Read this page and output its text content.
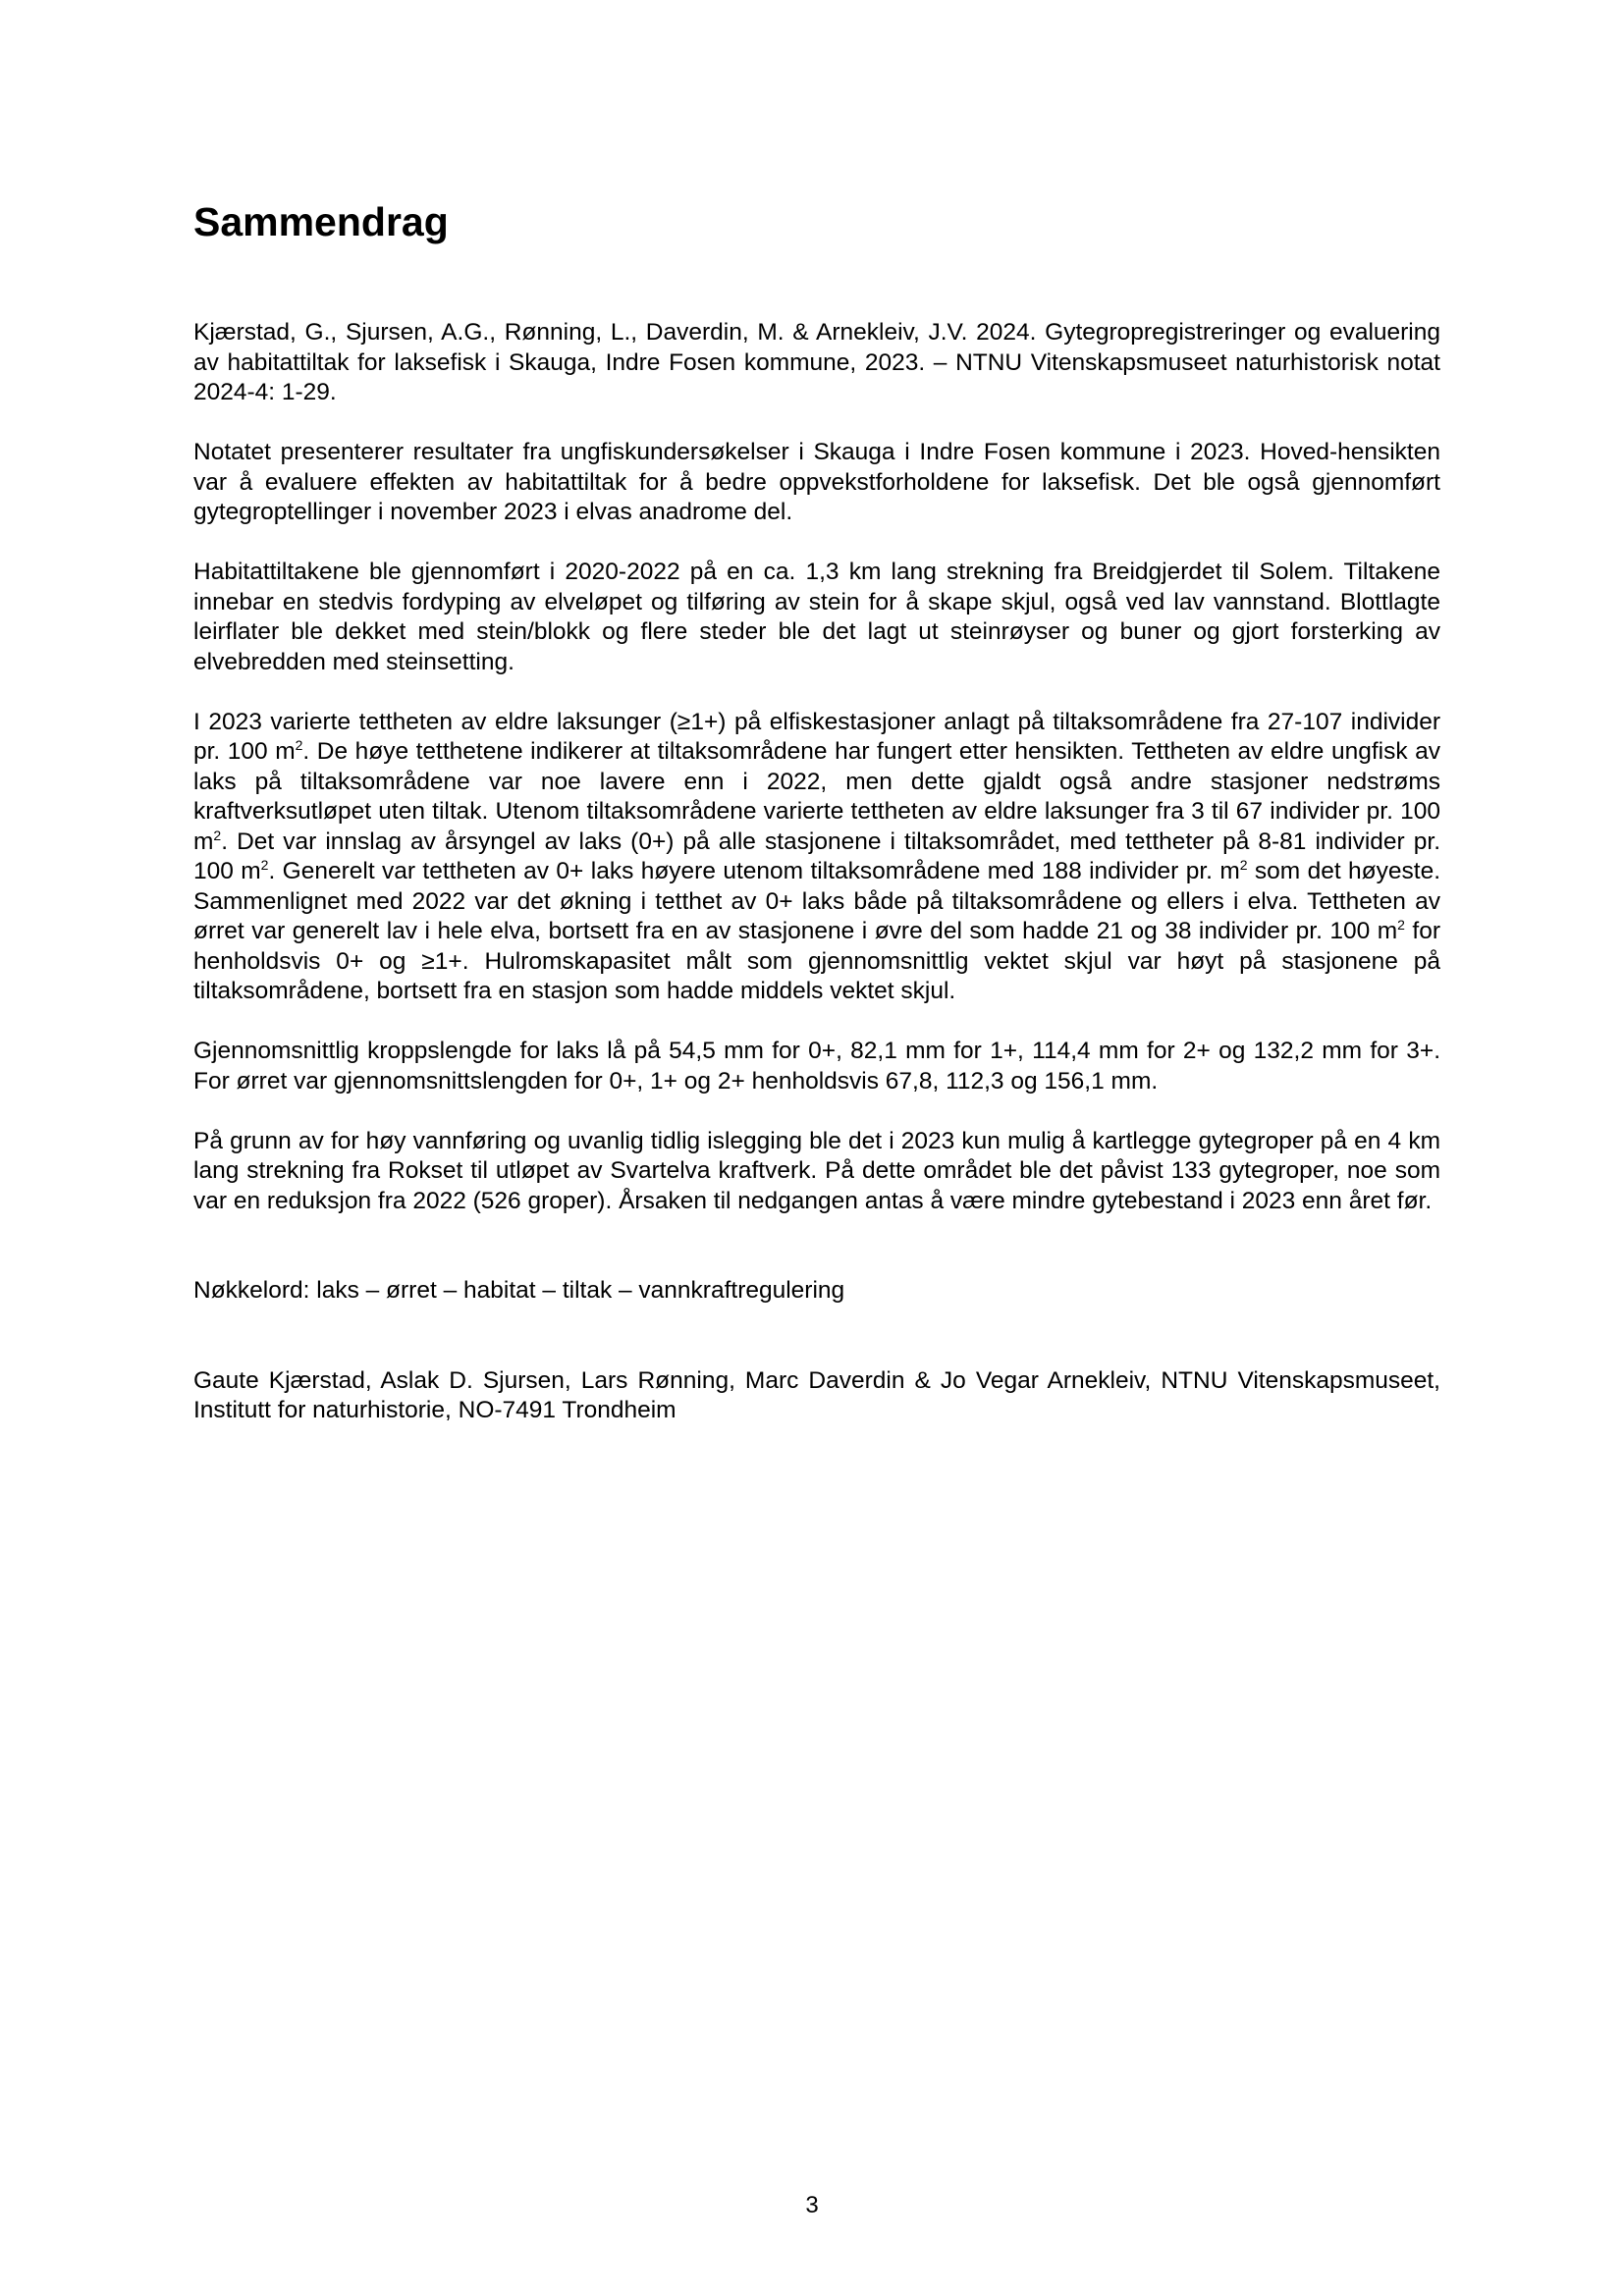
Sammendrag

Kjærstad, G., Sjursen, A.G., Rønning, L., Daverdin, M. & Arnekleiv, J.V. 2024. Gytegropregistreringer og evaluering av habitattiltak for laksefisk i Skauga, Indre Fosen kommune, 2023. – NTNU Vitenskapsmuseet naturhistorisk notat 2024-4: 1-29.

Notatet presenterer resultater fra ungfiskundersøkelser i Skauga i Indre Fosen kommune i 2023. Hoved-hensikten var å evaluere effekten av habitattiltak for å bedre oppvekstforholdene for laksefisk. Det ble også gjennomført gytegroptellinger i november 2023 i elvas anadrome del.

Habitattiltakene ble gjennomført i 2020-2022 på en ca. 1,3 km lang strekning fra Breidgjerdet til Solem. Tiltakene innebar en stedvis fordyping av elveløpet og tilføring av stein for å skape skjul, også ved lav vannstand. Blottlagte leirflater ble dekket med stein/blokk og flere steder ble det lagt ut steinrøyser og buner og gjort forsterking av elvebredden med steinsetting.

I 2023 varierte tettheten av eldre laksunger (≥1+) på elfiskestasjoner anlagt på tiltaksområdene fra 27-107 individer pr. 100 $m^2$. De høye tetthetene indikerer at tiltaksområdene har fungert etter hensikten. Tettheten av eldre ungfisk av laks på tiltaksområdene var noe lavere enn i 2022, men dette gjaldt også andre stasjoner nedstrøms kraftverksutløpet uten tiltak. Utenom tiltaksområdene varierte tettheten av eldre laksunger fra 3 til 67 individer pr. 100 $m^2$. Det var innslag av årsyngel av laks (0+) på alle stasjonene i tiltaksområdet, med tettheter på 8-81 individer pr. 100 $m^2$. Generelt var tettheten av 0+ laks høyere utenom tiltaksområdene med 188 individer pr. $m^2$ som det høyeste. Sammenlignet med 2022 var det økning i tetthet av 0+ laks både på tiltaksområdene og ellers i elva. Tettheten av ørret var generelt lav i hele elva, bortsett fra en av stasjonene i øvre del som hadde 21 og 38 individer pr. 100 $m^2$ for henholdsvis 0+ og ≥1+. Hulromskapasitet målt som gjennomsnittlig vektet skjul var høyt på stasjonene på tiltaksområdene, bortsett fra en stasjon som hadde middels vektet skjul.

Gjennomsnittlig kroppslengde for laks lå på 54,5 mm for 0+, 82,1 mm for 1+, 114,4 mm for 2+ og 132,2 mm for 3+. For ørret var gjennomsnittslengden for 0+, 1+ og 2+ henholdsvis 67,8, 112,3 og 156,1 mm.

På grunn av for høy vannføring og uvanlig tidlig islegging ble det i 2023 kun mulig å kartlegge gytegroper på en 4 km lang strekning fra Rokset til utløpet av Svartelva kraftverk. På dette området ble det påvist 133 gytegroper, noe som var en reduksjon fra 2022 (526 groper). Årsaken til nedgangen antas å være mindre gytebestand i 2023 enn året før.

Nøkkelord: laks – ørret – habitat – tiltak – vannkraftregulering

Gaute Kjærstad, Aslak D. Sjursen, Lars Rønning, Marc Daverdin & Jo Vegar Arnekleiv, NTNU Vitenskapsmuseet, Institutt for naturhistorie, NO-7491 Trondheim

3
